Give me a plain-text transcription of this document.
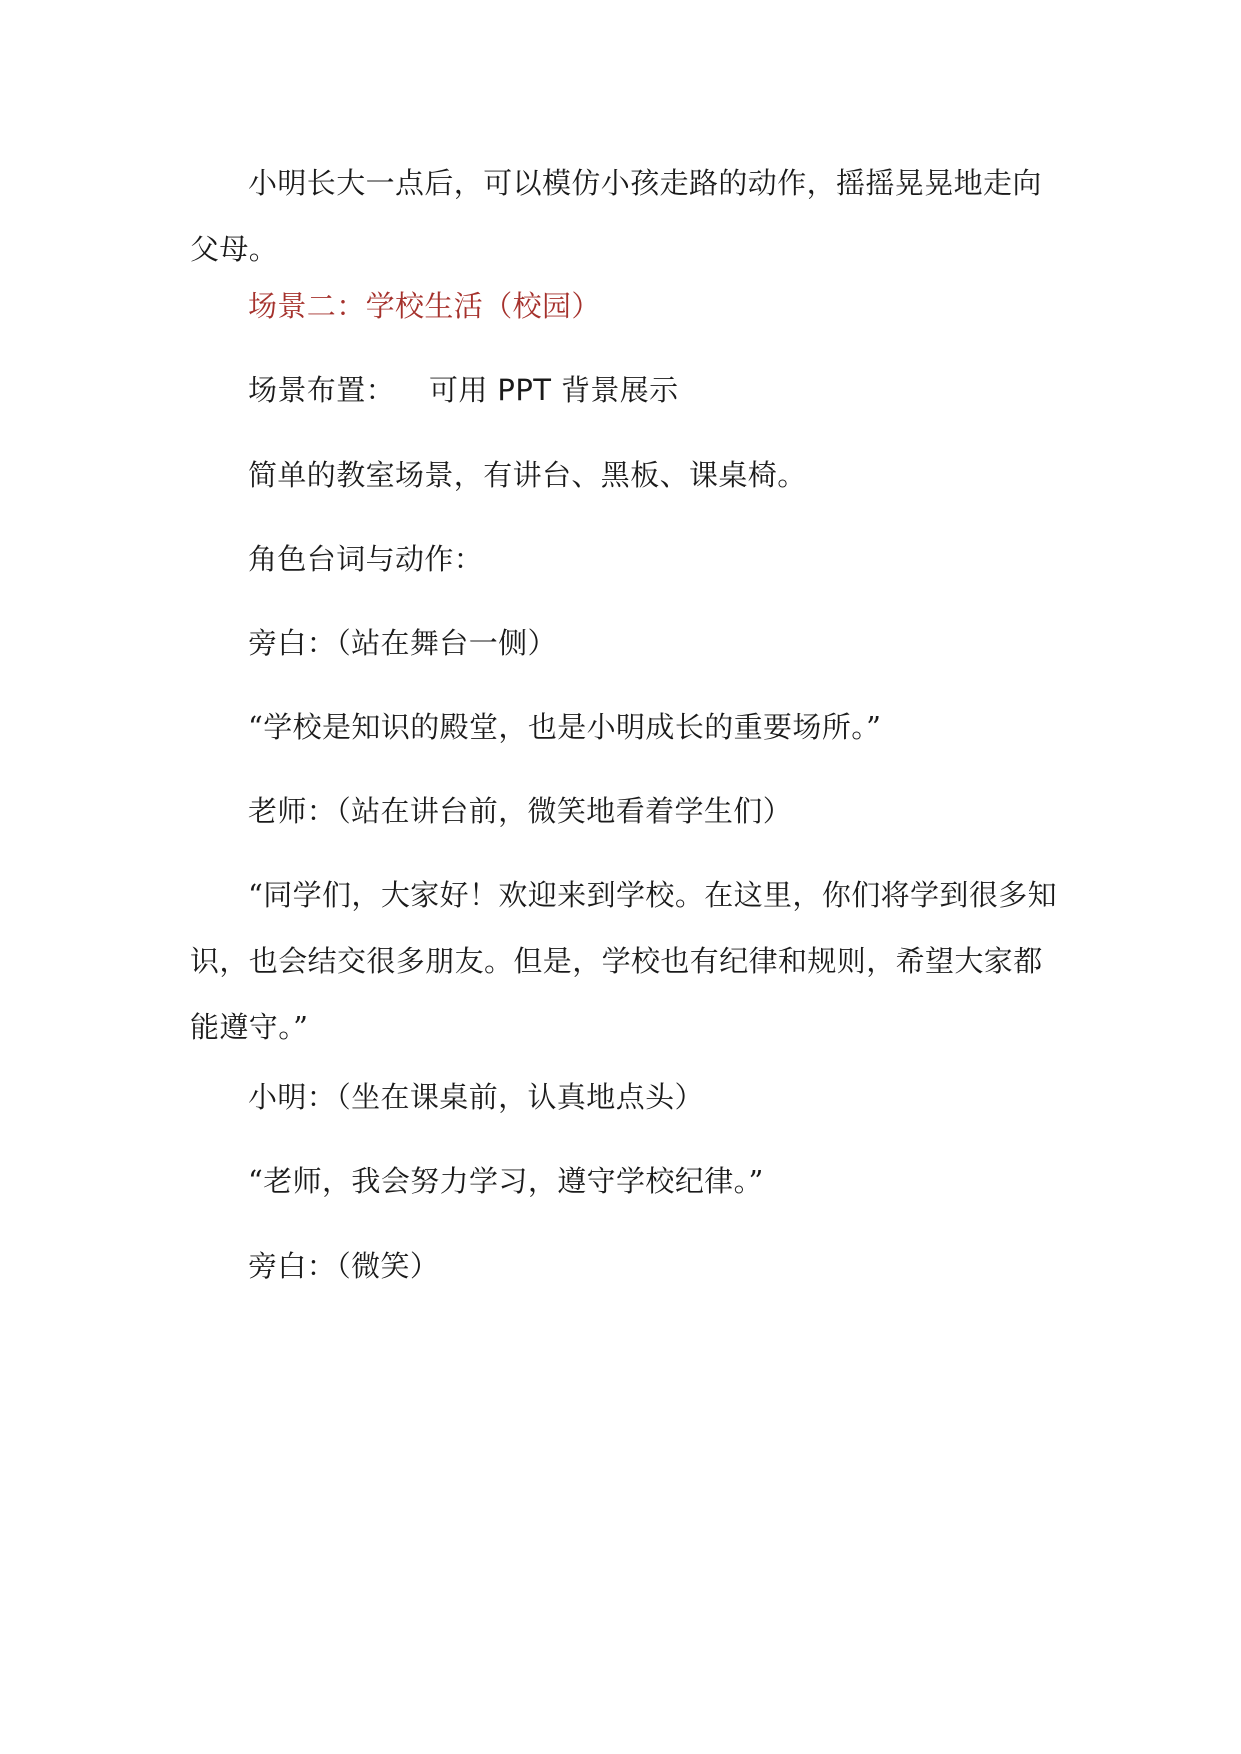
小明长大一点后，可以模仿小孩走路的动作，摇摇晃晃地走向父母。

场景二：学校生活（校园）

场景布置： 可用 PPT 背景展示

简单的教室场景，有讲台、黑板、课桌椅。

角色台词与动作：

旁白：（站在舞台一侧）

“学校是知识的殿堂，也是小明成长的重要场所。”

老师：（站在讲台前，微笑地看着学生们）

“同学们，大家好！欢迎来到学校。在这里，你们将学到很多知识，也会结交很多朋友。但是，学校也有纪律和规则，希望大家都能遵守。”

小明：（坐在课桌前，认真地点头）

“老师，我会努力学习，遵守学校纪律。”

旁白：（微笑）
